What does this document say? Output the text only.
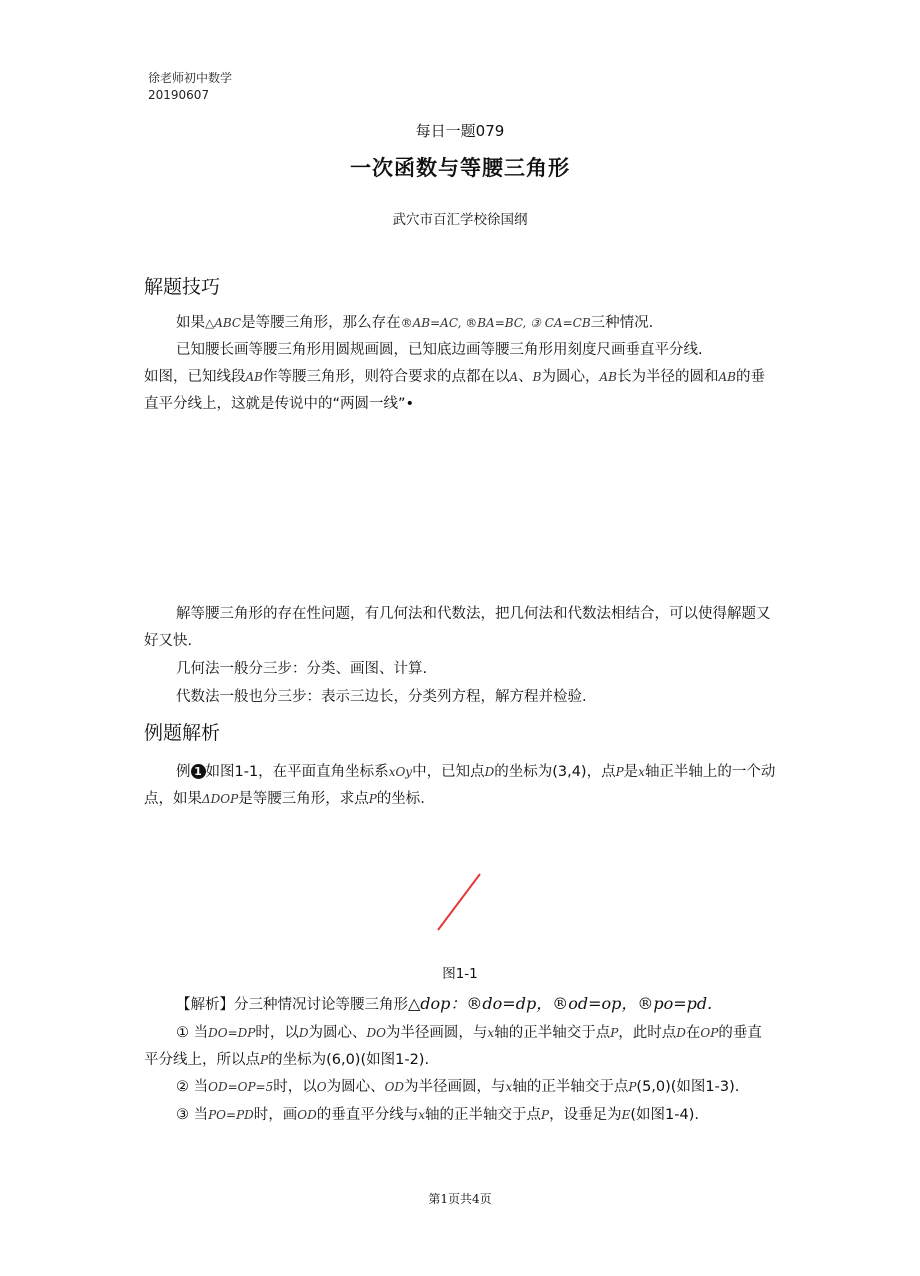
徐老师初中数学20190607
每日一题079
一次函数与等腰三角形
武穴市百汇学校徐国纲
解题技巧
如果△ABC是等腰三角形，那么存在®AB=AC, ®BA=BC, ③ CA=CB三种情况.
已知腰长画等腰三角形用圆规画圆，已知底边画等腰三角形用刻度尺画垂直平分线.
如图，已知线段AB作等腰三角形，则符合要求的点都在以A、B为圆心，AB长为半径的圆和AB的垂直平分线上，这就是传说中的“两圆一线”•
解等腰三角形的存在性问题，有几何法和代数法，把几何法和代数法相结合，可以使得解题又好又快.
几何法一般分三步：分类、画图、计算.
代数法一般也分三步：表示三边长，分类列方程，解方程并检验.
例题解析
例 1 如图1-1，在平面直角坐标系xOy中，已知点D的坐标为(3,4)，点P是x轴正半轴上的一个动点，如果ΔDOP是等腰三角形，求点P的坐标.
图1-1
【解析】分三种情况讨论等腰三角形△dop：®do=dp，®od=op，®po=pd.
① 当DO=DP时，以D为圆心、DO为半径画圆，与x轴的正半轴交于点P，此时点D在OP的垂直平分线上，所以点P的坐标为(6,0)(如图1-2).
② 当OD=OP=5时，以O为圆心、OD为半径画圆，与x轴的正半轴交于点P(5,0)(如图1-3).
③ 当PO=PD时，画OD的垂直平分线与x轴的正半轴交于点P，设垂足为E(如图1-4).
第1页共4页
